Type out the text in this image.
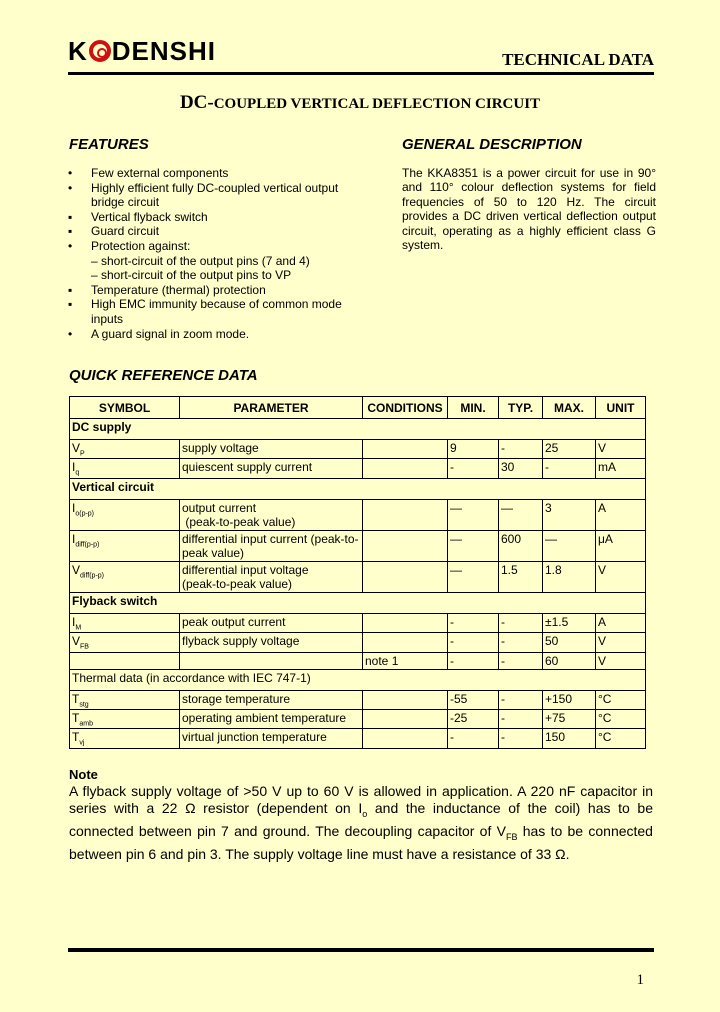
K DENSHI	TECHNICAL DATA
DC-COUPLED VERTICAL DEFLECTION CIRCUIT
FEATURES
• Few external components
• Highly efficient fully DC-coupled vertical output bridge circuit
▪ Vertical flyback switch
▪ Guard circuit
• Protection against:
– short-circuit of the output pins (7 and 4)
– short-circuit of the output pins to VP
▪ Temperature (thermal) protection
▪ High EMC immunity because of common mode inputs
• A guard signal in zoom mode.
GENERAL DESCRIPTION
The KKA8351 is a power circuit for use in 90° and 110° colour deflection systems for field frequencies of 50 to 120 Hz. The circuit provides a DC driven vertical deflection output circuit, operating as a highly efficient class G system.
QUICK REFERENCE DATA
SYMBOL	PARAMETER	CONDITIONS	MIN.	TYP.	MAX.	UNIT
DC supply						
$V_P$	supply voltage		9	-	25	V
$I_q$	quiescent supply current		-	30	-	mA
Vertical circuit						
$I_{o(p-p)}$	output current
(peak-to-peak value)		—	—	3	A
$I_{diff(p-p)}$	differential input current (peak-to-peak value)		—	600	—	μA
$V_{diff(p-p)}$	differential input voltage
(peak-to-peak value)		—	1.5	1.8	V
Flyback switch						
$I_M$	peak output current		-	-	±1.5	A
$V_{FB}$	flyback supply voltage		-	-	50	V
		note 1	-	-	60	V
Thermal data (in accordance with IEC 747-1)						
$T_{stg}$	storage temperature		-55	-	+150	°C
$T_{amb}$	operating ambient temperature		-25	-	+75	°C
$T_{vj}$	virtual junction temperature		-	-	150	°C
Note
A flyback supply voltage of >50 V up to 60 V is allowed in application. A 220 nF capacitor in series with a 22 Ω resistor (dependent on $I_o$ and the inductance of the coil) has to be connected between pin 7 and ground. The decoupling capacitor of $V_{FB}$ has to be connected between pin 6 and pin 3. The supply voltage line must have a resistance of 33 Ω.
1
